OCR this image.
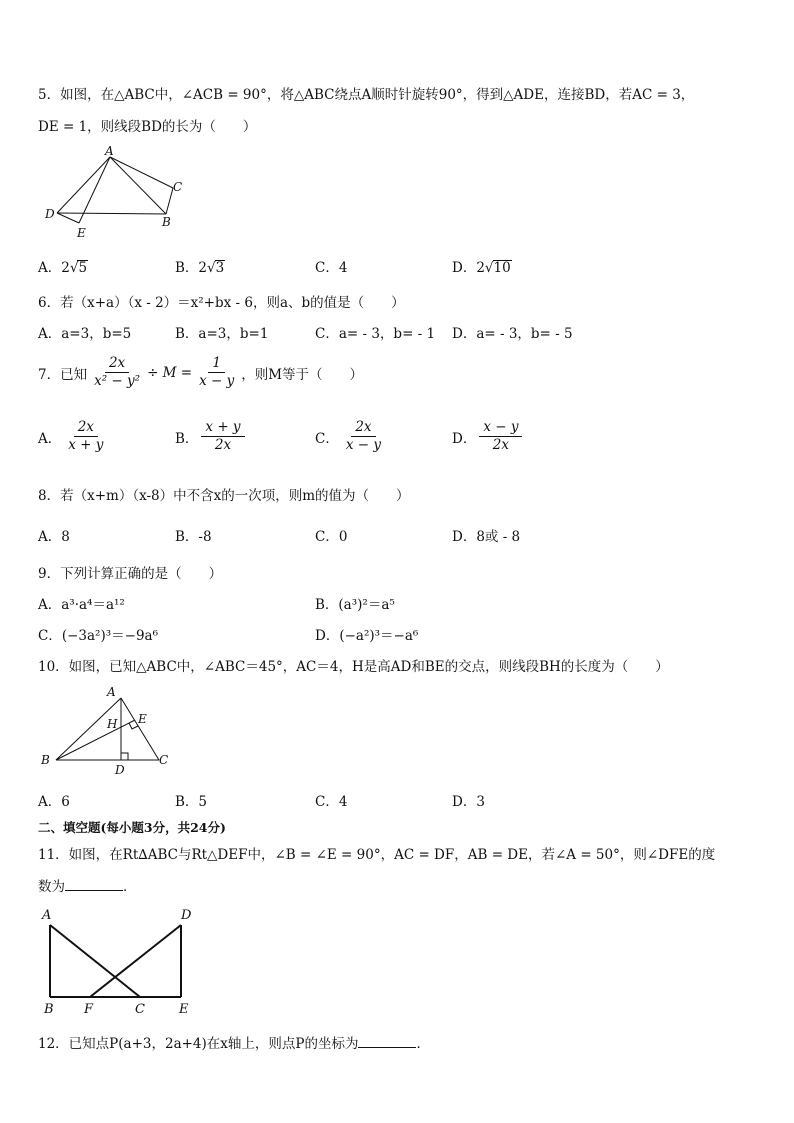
5．如图，在△ABC中，∠ACB = 90°，将△ABC绕点A顺时针旋转90°，得到△ADE，连接BD，若AC = 3，
DE = 1，则线段BD的长为（　　）
A
C
B
D
E
A．2√5	B．2√3	C．4	D．2√10
6．若（x+a）（x - 2）＝x²+bx - 6，则a、b的值是（　　）
A．a=3，b=5	B．a=3，b=1	C．a= - 3，b= - 1 D．a= - 3，b= - 5
7．已知 $\frac{2x}{\text{x² − y²}} \div M = \frac{1}{x - y}$ ，则M等于（　　）
A． $\frac{2x}{x + y}$	B． $\frac{x + y}{2x}$	C． $\frac{2x}{x - y}$	D． $\frac{x - y}{2x}$
8．若（x+m）（x-8）中不含x的一次项，则m的值为（　　）
A．8	B．-8	C．0	D．8或 - 8
9．下列计算正确的是（　　）
A．a³·a⁴＝a¹²	B．(a³)²＝a⁵
C．(−3a²)³＝−9a⁶	D．(−a²)³＝−a⁶
10．如图，已知△ABC中，∠ABC＝45°，AC＝4，H是高AD和BE的交点，则线段BH的长度为（　　）
A
H E
B
D
C
A．6	B．5	C．4	D．3
二、填空题(每小题3分，共24分)
11．如图，在Rt∆ABC与Rt△DEF中，∠B = ∠E = 90°，AC = DF，AB = DE，若∠A = 50°，则∠DFE的度
数为	．
A	D
B F	C	E
12．已知点P(a+3，2a+4)在x轴上，则点P的坐标为	．
